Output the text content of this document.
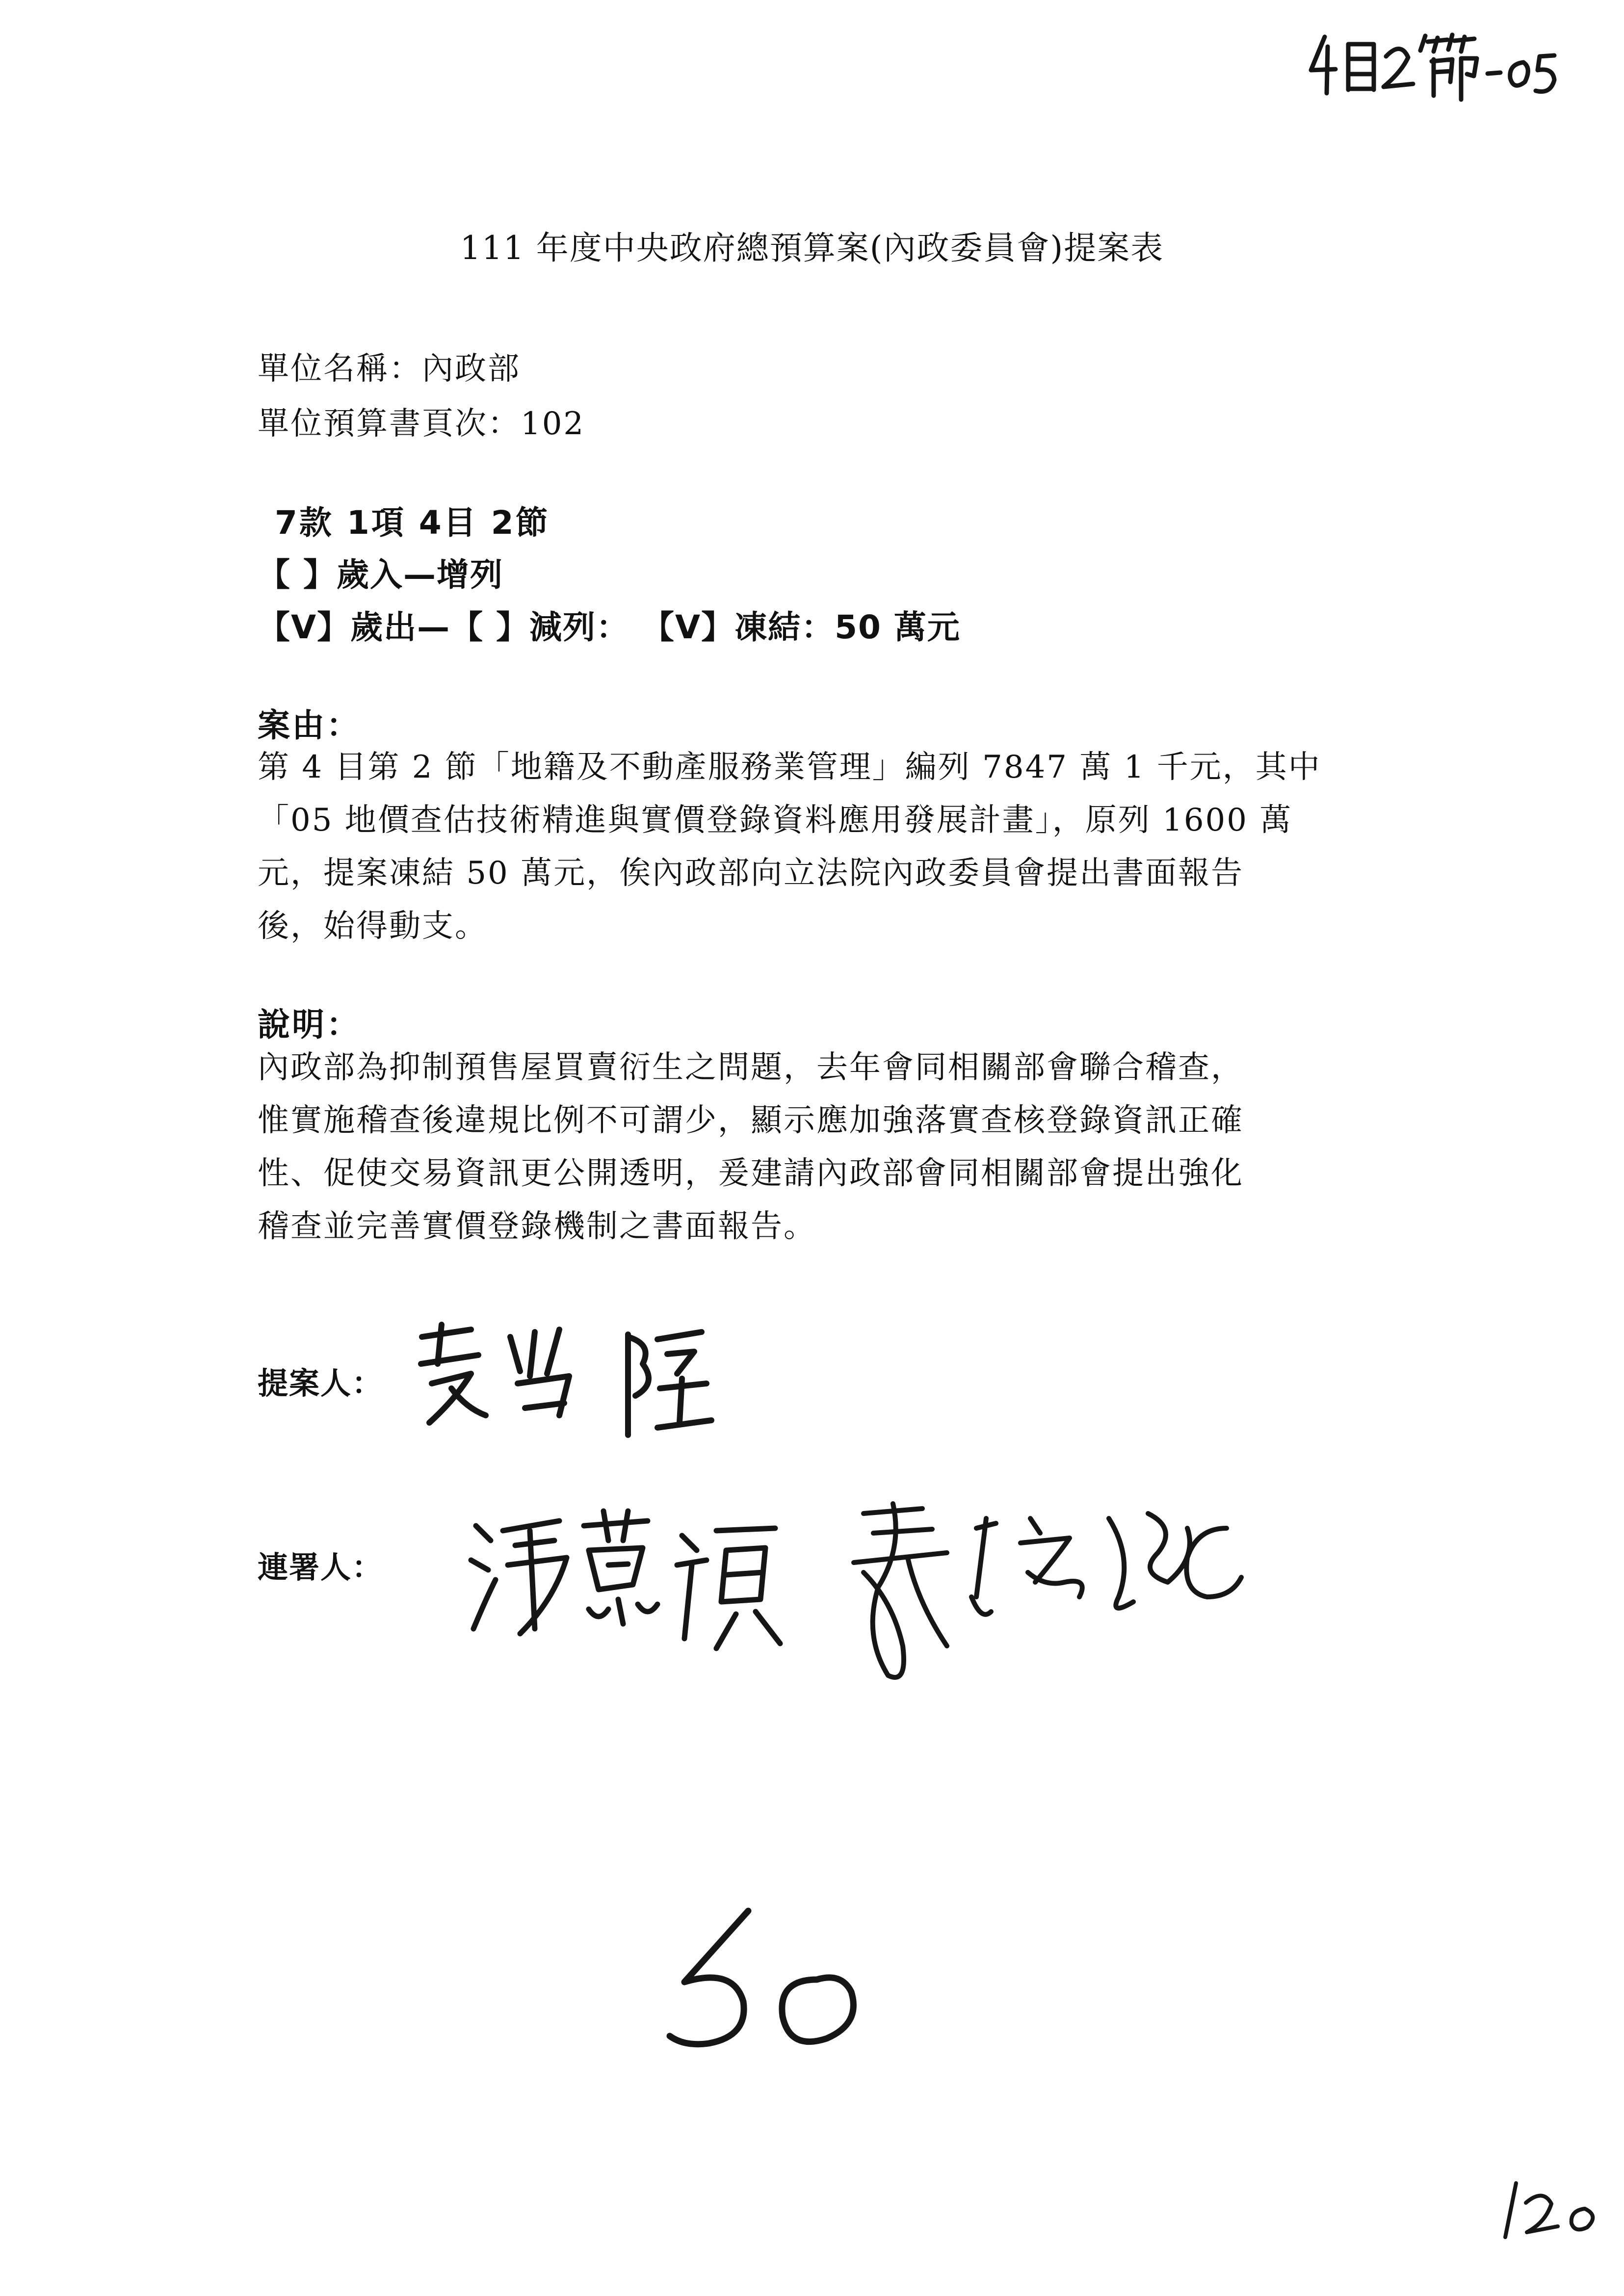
111 年度中央政府總預算案(內政委員會)提案表
單位名稱：內政部
單位預算書頁次：102
7款 1項 4目 2節
【 】歲入—增列
【V】歲出—【 】減列： 【V】凍結：50 萬元
案由：
第 4 目第 2 節「地籍及不動產服務業管理」編列 7847 萬 1 千元，其中
「05 地價查估技術精進與實價登錄資料應用發展計畫」，原列 1600 萬
元，提案凍結 50 萬元，俟內政部向立法院內政委員會提出書面報告
後，始得動支。
說明：
內政部為抑制預售屋買賣衍生之問題，去年會同相關部會聯合稽查，
惟實施稽查後違規比例不可謂少，顯示應加強落實查核登錄資訊正確
性、促使交易資訊更公開透明，爰建請內政部會同相關部會提出強化
稽查並完善實價登錄機制之書面報告。
提案人：
連署人：
